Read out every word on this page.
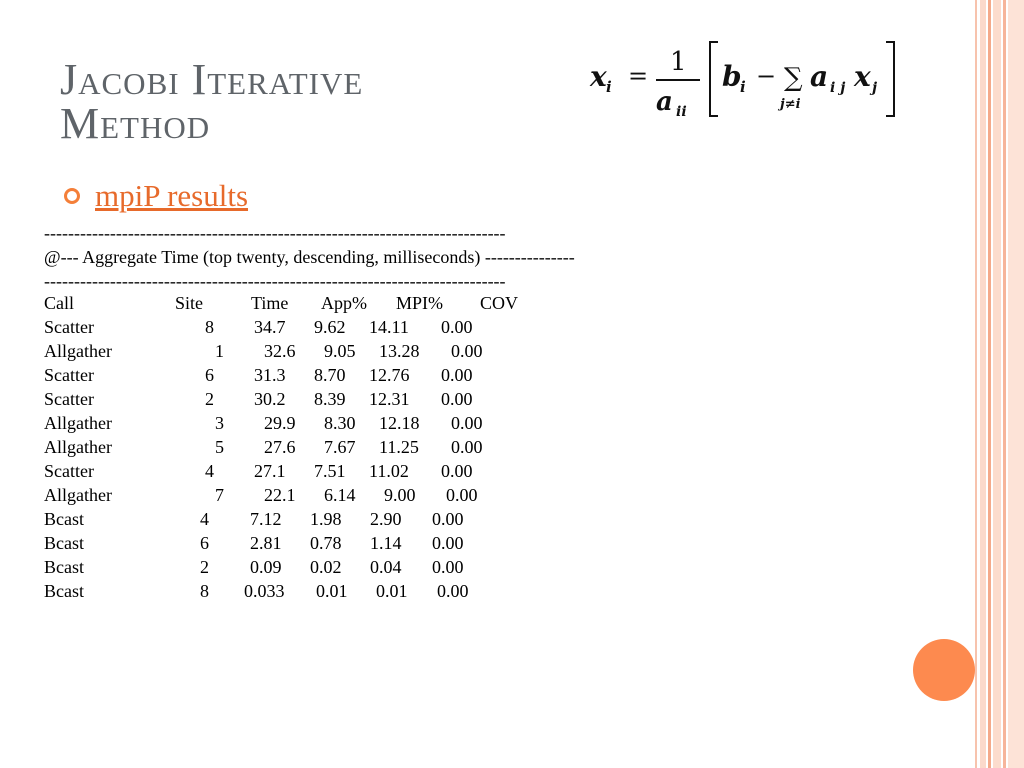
Jacobi Iterative
Method
x i = 1
a ii
b
i − ∑
j≠i
a i j x j
mpiP results
-----------------------------------------------------------------------------
@--- Aggregate Time (top twenty, descending, milliseconds) ---------------
-----------------------------------------------------------------------------
Call	Site	Time App% MPI% COV
Scatter	8 34.7 9.62 14.11 0.00
Allgather	1 32.6 9.05 13.28 0.00
Scatter	6 31.3 8.70 12.76 0.00
Scatter	2 30.2 8.39 12.31 0.00
Allgather	3 29.9 8.30 12.18 0.00
Allgather	5 27.6 7.67 11.25 0.00
Scatter	4 27.1 7.51 11.02 0.00
Allgather	7 22.1 6.14 9.00 0.00
Bcast	4 7.12 1.98 2.90 0.00
Bcast	6 2.81 0.78 1.14 0.00
Bcast	2 0.09 0.02 0.04 0.00
Bcast	8 0.033 0.01 0.01 0.00
